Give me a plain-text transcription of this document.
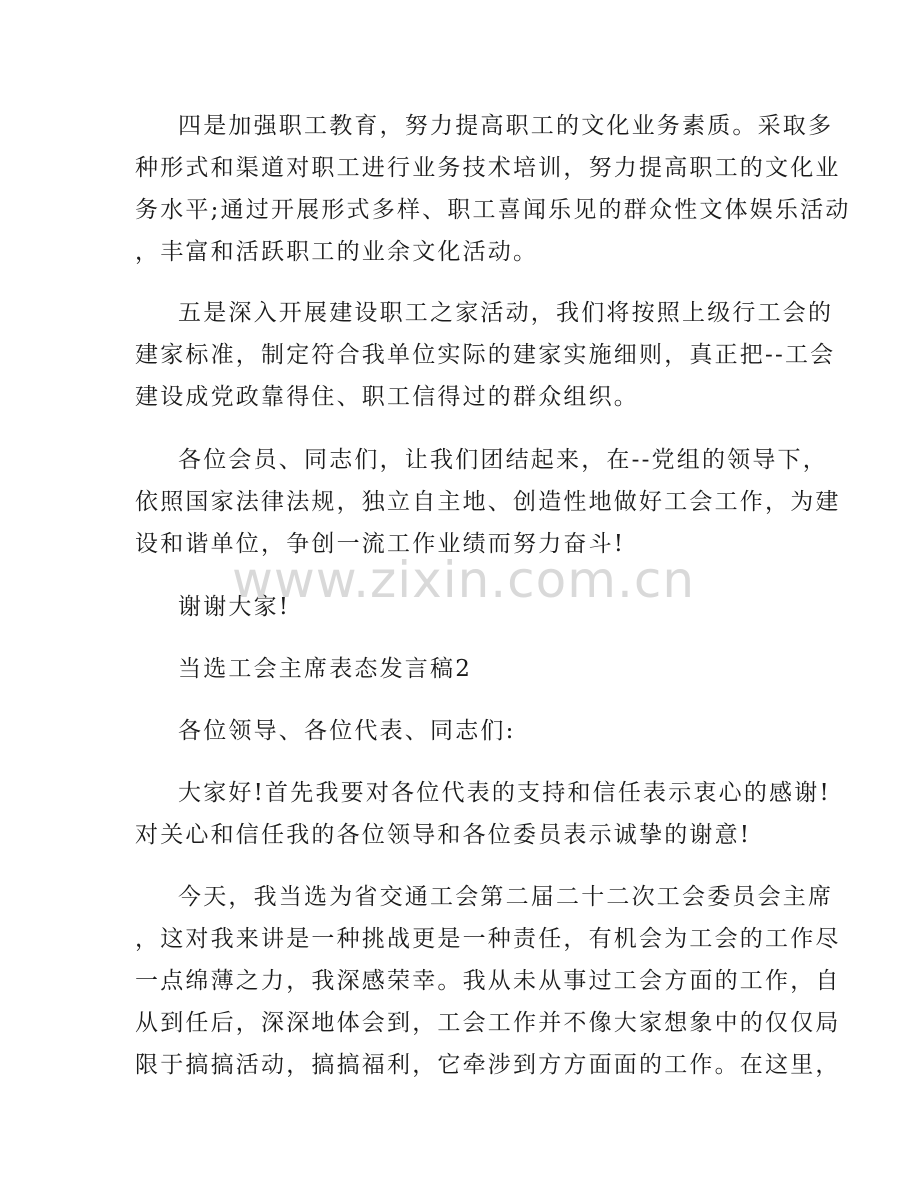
www.zixin.com.cn
四是加强职工教育，努力提高职工的文化业务素质。采取多
种形式和渠道对职工进行业务技术培训，努力提高职工的文化业
务水平;通过开展形式多样、职工喜闻乐见的群众性文体娱乐活动
，丰富和活跃职工的业余文化活动。
五是深入开展建设职工之家活动，我们将按照上级行工会的
建家标准，制定符合我单位实际的建家实施细则，真正把--工会
建设成党政靠得住、职工信得过的群众组织。
各位会员、同志们，让我们团结起来，在--党组的领导下，
依照国家法律法规，独立自主地、创造性地做好工会工作，为建
设和谐单位，争创一流工作业绩而努力奋斗!
谢谢大家!
当选工会主席表态发言稿2
各位领导、各位代表、同志们:
大家好!首先我要对各位代表的支持和信任表示衷心的感谢!
对关心和信任我的各位领导和各位委员表示诚挚的谢意!
今天，我当选为省交通工会第二届二十二次工会委员会主席
，这对我来讲是一种挑战更是一种责任，有机会为工会的工作尽
一点绵薄之力，我深感荣幸。我从未从事过工会方面的工作，自
从到任后，深深地体会到，工会工作并不像大家想象中的仅仅局
限于搞搞活动，搞搞福利，它牵涉到方方面面的工作。在这里，
